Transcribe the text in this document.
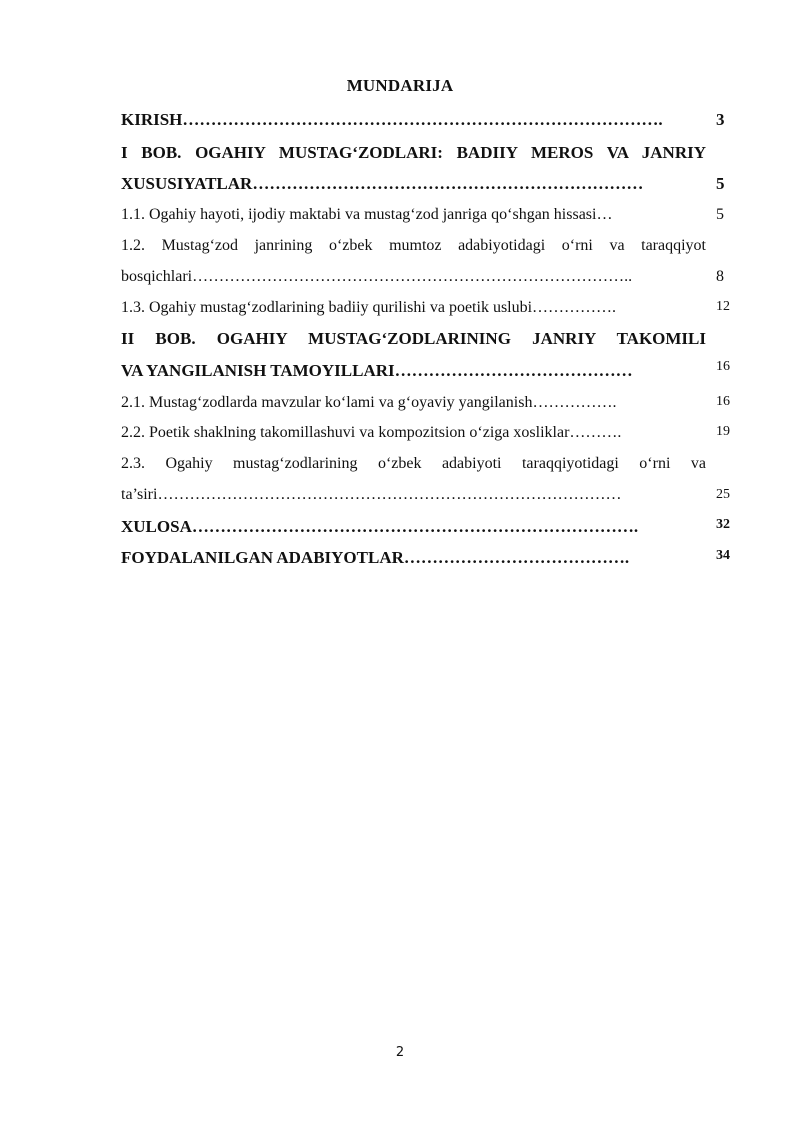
MUNDARIJA
KIRISH………………………………………………………………………….	3
I BOB. OGAHIY MUSTAG‘ZODLARI: BADIIY MEROS VA JANRIY
XUSUSIYATLAR……………………………………………………………	5
1.1. Ogahiy hayoti, ijodiy maktabi va mustag‘zod janriga qo‘shgan hissasi…	5
1.2. Mustag‘zod janrining o‘zbek mumtoz adabiyotidagi o‘rni va taraqqiyot
bosqichlari………………………………………………………………………..	8
1.3. Ogahiy mustag‘zodlarining badiiy qurilishi va poetik uslubi…………….	12
II BOB. OGAHIY MUSTAG‘ZODLARINING JANRIY TAKOMILI
VA YANGILANISH TAMOYILLARI……………………………………	16
2.1. Mustag‘zodlarda mavzular ko‘lami va g‘oyaviy yangilanish…………….	16
2.2. Poetik shaklning takomillashuvi va kompozitsion o‘ziga xosliklar……….	19
2.3. Ogahiy mustag‘zodlarining o‘zbek adabiyoti taraqqiyotidagi o‘rni va
ta’siri……………………………………………………………………………	25
XULOSA…………………………………………………………………….	32
FOYDALANILGAN ADABIYOTLAR………………………………….	34
2
